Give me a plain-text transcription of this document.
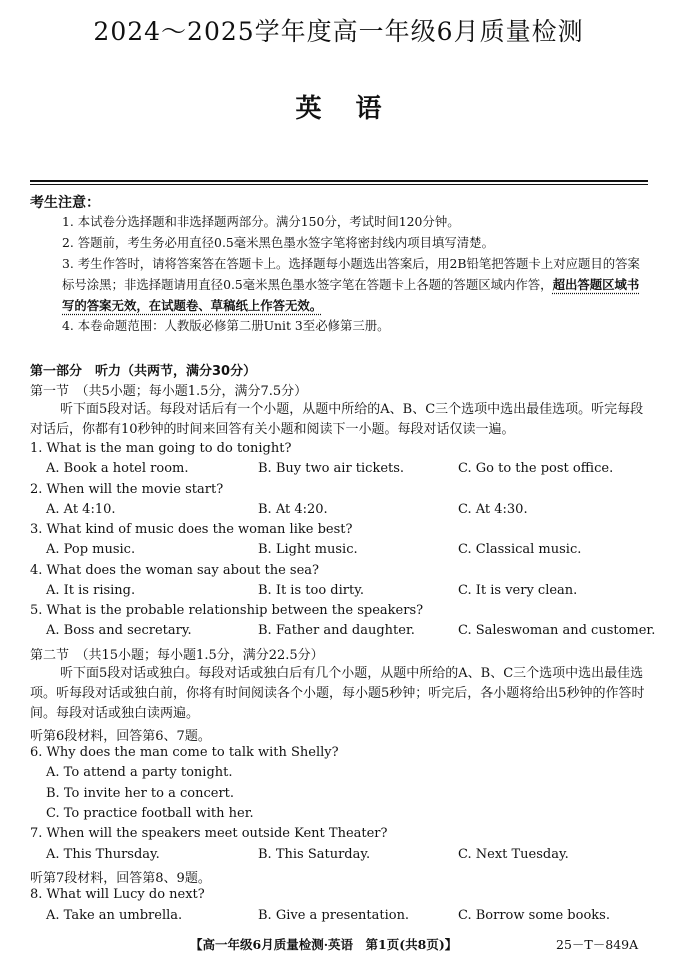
2024～2025学年度高一年级6月质量检测
英语
考生注意：
1. 本试卷分选择题和非选择题两部分。满分150分，考试时间120分钟。
2. 答题前，考生务必用直径0.5毫米黑色墨水签字笔将密封线内项目填写清楚。
3. 考生作答时，请将答案答在答题卡上。选择题每小题选出答案后，用2B铅笔把答题卡上对应题目的答案标号涂黑；非选择题请用直径0.5毫米黑色墨水签字笔在答题卡上各题的答题区域内作答，超出答题区域书写的答案无效，在试题卷、草稿纸上作答无效。
4. 本卷命题范围：人教版必修第二册Unit 3至必修第三册。
第一部分　听力（共两节，满分30分）
第一节　（共5小题；每小题1.5分，满分7.5分）
听下面5段对话。每段对话后有一个小题，从题中所给的A、B、C三个选项中选出最佳选项。听完每段对话后，你都有10秒钟的时间来回答有关小题和阅读下一小题。每段对话仅读一遍。
1. What is the man going to do tonight?
A. Book a hotel room.	B. Buy two air tickets.	C. Go to the post office.
2. When will the movie start?
A. At 4:10.	B. At 4:20.	C. At 4:30.
3. What kind of music does the woman like best?
A. Pop music.	B. Light music.	C. Classical music.
4. What does the woman say about the sea?
A. It is rising.	B. It is too dirty.	C. It is very clean.
5. What is the probable relationship between the speakers?
A. Boss and secretary.	B. Father and daughter.	C. Saleswoman and customer.
第二节　（共15小题；每小题1.5分，满分22.5分）
听下面5段对话或独白。每段对话或独白后有几个小题，从题中所给的A、B、C三个选项中选出最佳选项。听每段对话或独白前，你将有时间阅读各个小题，每小题5秒钟；听完后，各小题将给出5秒钟的作答时间。每段对话或独白读两遍。
听第6段材料，回答第6、7题。
6. Why does the man come to talk with Shelly?
A. To attend a party tonight.
B. To invite her to a concert.
C. To practice football with her.
7. When will the speakers meet outside Kent Theater?
A. This Thursday.	B. This Saturday.	C. Next Tuesday.
听第7段材料，回答第8、9题。
8. What will Lucy do next?
A. Take an umbrella.	B. Give a presentation.	C. Borrow some books.
【高一年级6月质量检测·英语　第1页(共8页)】	25－T－849A
